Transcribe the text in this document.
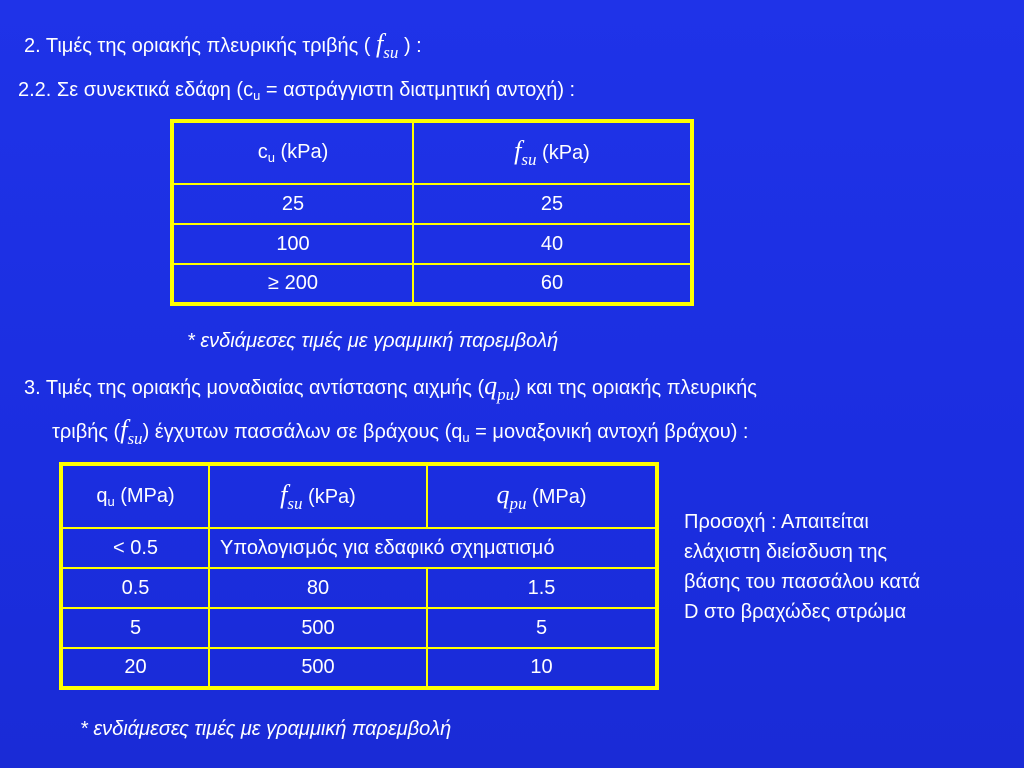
2. Τιμές της οριακής πλευρικής τριβής ( $f_{su}$ ) :
2.2. Σε συνεκτικά εδάφη ($c_u = \alpha\sigma\tau\rho ά\gamma\gamma\iota\sigma\tau\eta$ διατμητική αντοχή) :
$c_u$ (kPa)	$f_{su}$ (kPa)
25	25
100	40
≥ 200	60
* ενδιάμεσες τιμές με γραμμική παρεμβολή
3. Τιμές της οριακής μοναδιαίας αντίστασης αιχμής $(q_{pu})$ και της οριακής πλευρικής
τριβής $(f_{su})$ έγχυτων πασσάλων σε βράχους ($q_u = \mu o\nu\alpha\xi o\nu\iota\kappa ή$ αντοχή βράχου) :
$q_u$ (MPa)	$f_{su}$ (kPa)	$q_{pu}$ (MPa)
< 0.5	Υπολογισμός για εδαφικό σχηματισμό	
0.5	80	1.5
5	500	5
20	500	10
* ενδιάμεσες τιμές με γραμμική παρεμβολή
Προσοχή : Απαιτείται
ελάχιστη διείσδυση της
βάσης του πασσάλου κατά
D στο βραχώδες στρώμα
